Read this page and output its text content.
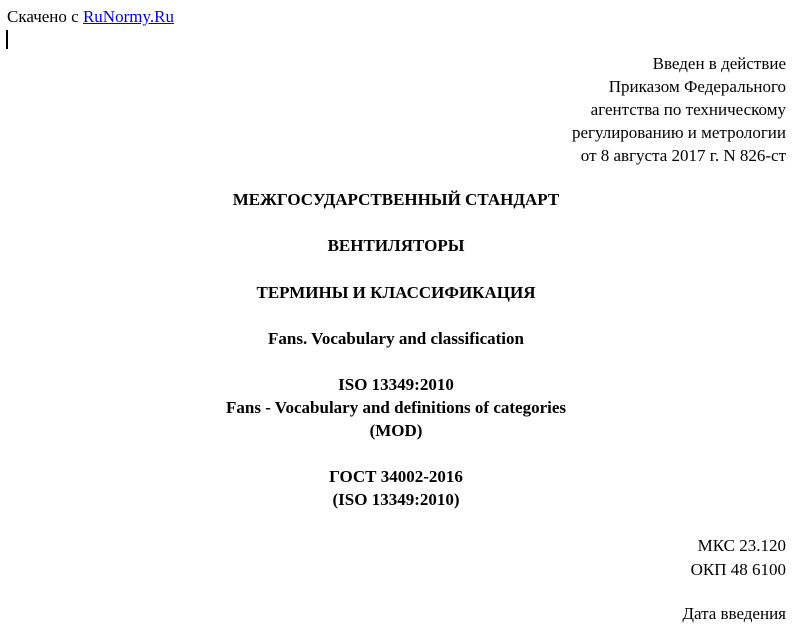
Скачено с RuNormy.Ru
Введен в действие
Приказом Федерального
агентства по техническому
регулированию и метрологии
от 8 августа 2017 г. N 826-ст
МЕЖГОСУДАРСТВЕННЫЙ СТАНДАРТ
ВЕНТИЛЯТОРЫ
ТЕРМИНЫ И КЛАССИФИКАЦИЯ
Fans. Vocabulary and classification
ISO 13349:2010
Fans - Vocabulary and definitions of categories
(MOD)
ГОСТ 34002-2016
(ISO 13349:2010)
МКС 23.120
ОКП 48 6100
Дата введения
